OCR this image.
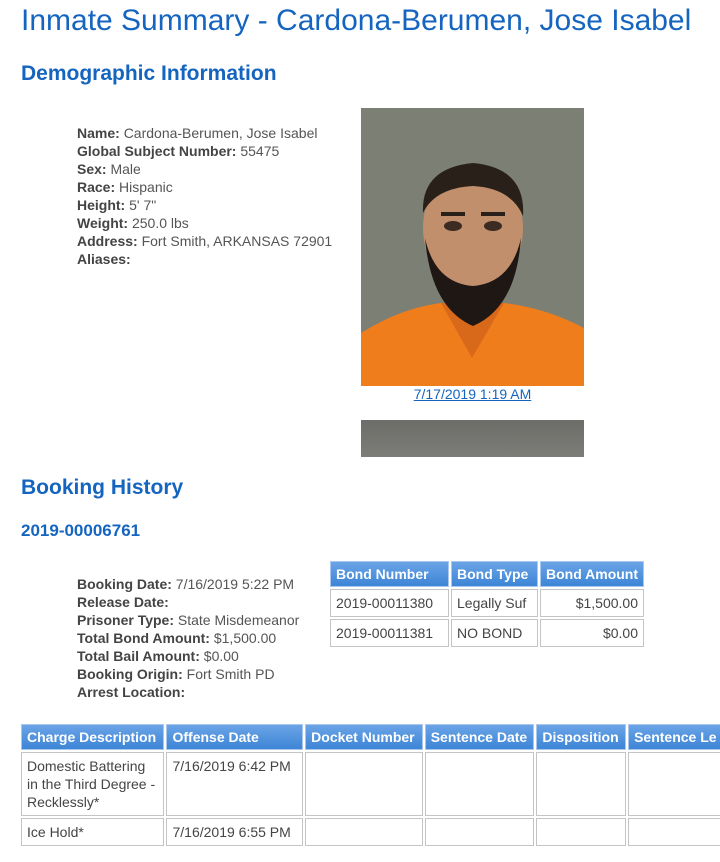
Inmate Summary - Cardona-Berumen, Jose Isabel
Demographic Information
Name: Cardona-Berumen, Jose Isabel
Global Subject Number: 55475
Sex: Male
Race: Hispanic
Height: 5' 7"
Weight: 250.0 lbs
Address: Fort Smith, ARKANSAS 72901
Aliases:
7/17/2019 1:19 AM
Booking History
2019-00006761
Booking Date: 7/16/2019 5:22 PM
Release Date:
Prisoner Type: State Misdemeanor
Total Bond Amount: $1,500.00
Total Bail Amount: $0.00
Booking Origin: Fort Smith PD
Arrest Location:
Bond Number	Bond Type	Bond Amount
2019-00011380	Legally Suf	$1,500.00
2019-00011381	NO BOND	$0.00
Charge Description	Offense Date	Docket Number	Sentence Date	Disposition	Sentence Le
Domestic Battering in the Third Degree - Recklessly*	7/16/2019 6:42 PM				
Ice Hold*	7/16/2019 6:55 PM				
